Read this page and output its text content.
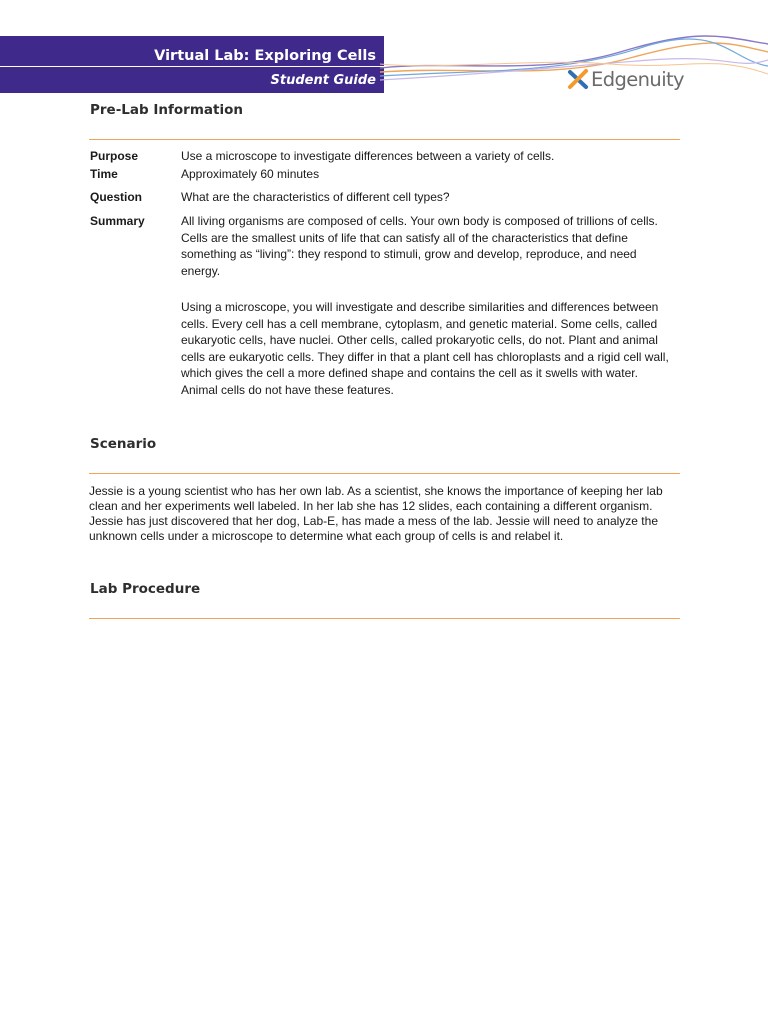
Virtual Lab: Exploring Cells
Student Guide	Edgenuity
Pre-Lab Information
Purpose	Use a microscope to investigate differences between a variety of cells.
Time	Approximately 60 minutes
Question	What are the characteristics of different cell types?
Summary	All living organisms are composed of cells. Your own body is composed of trillions of cells. Cells are the smallest units of life that can satisfy all of the characteristics that define something as “living”: they respond to stimuli, grow and develop, reproduce, and need energy.

Using a microscope, you will investigate and describe similarities and differences between cells. Every cell has a cell membrane, cytoplasm, and genetic material. Some cells, called eukaryotic cells, have nuclei. Other cells, called prokaryotic cells, do not. Plant and animal cells are eukaryotic cells. They differ in that a plant cell has chloroplasts and a rigid cell wall, which gives the cell a more defined shape and contains the cell as it swells with water. Animal cells do not have these features.

Scenario

Jessie is a young scientist who has her own lab. As a scientist, she knows the importance of keeping her lab clean and her experiments well labeled. In her lab she has 12 slides, each containing a different organism. Jessie has just discovered that her dog, Lab-E, has made a mess of the lab. Jessie will need to analyze the unknown cells under a microscope to determine what each group of cells is and relabel it.

Lab Procedure
